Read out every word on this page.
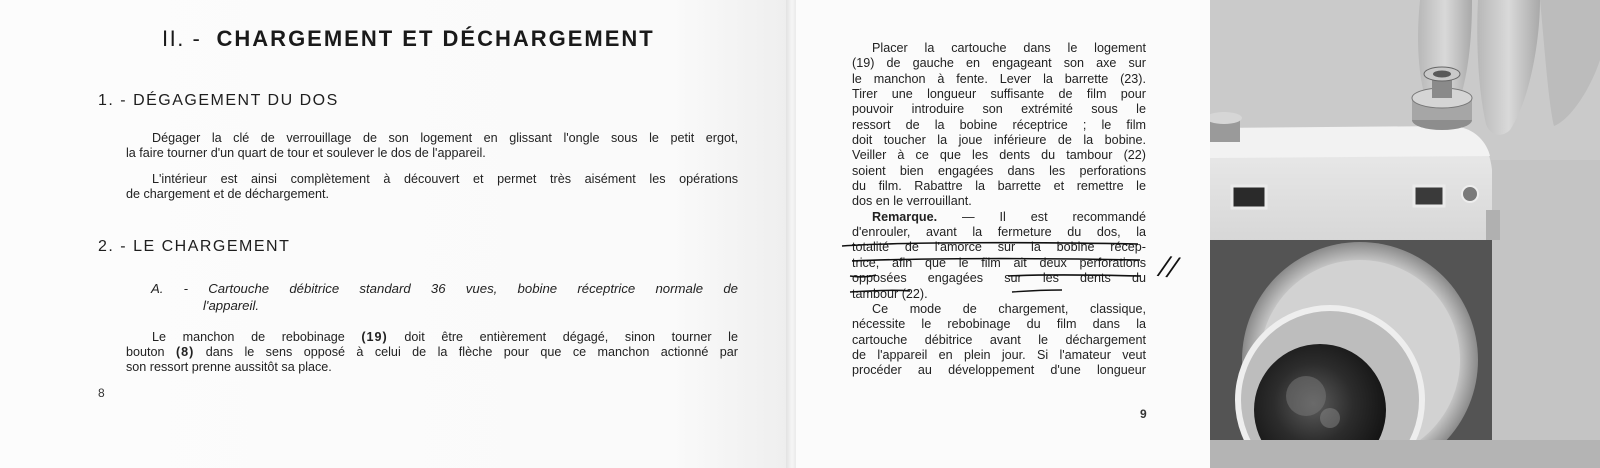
II. - CHARGEMENT ET DÉCHARGEMENT
1. - DÉGAGEMENT DU DOS
Dégager la clé de verrouillage de son logement en glissant l'ongle sous le petit ergot,
la faire tourner d'un quart de tour et soulever le dos de l'appareil.
L'intérieur est ainsi complètement à découvert et permet très aisément les opérations
de chargement et de déchargement.
2. - LE CHARGEMENT
A. - Cartouche débitrice standard 36 vues, bobine réceptrice normale de
l'appareil.
Le manchon de rebobinage (19) doit être entièrement dégagé, sinon tourner le
bouton (8) dans le sens opposé à celui de la flèche pour que ce manchon actionné par
son ressort prenne aussitôt sa place.
8
Placer la cartouche dans le logement
(19) de gauche en engageant son axe sur
le manchon à fente. Lever la barrette (23).
Tirer une longueur suffisante de film pour
pouvoir introduire son extrémité sous le
ressort de la bobine réceptrice ; le film
doit toucher la joue inférieure de la bobine.
Veiller à ce que les dents du tambour (22)
soient bien engagées dans les perforations
du film. Rabattre la barrette et remettre le
dos en le verrouillant.
Remarque. — Il est recommandé
d'enrouler, avant la fermeture du dos, la
totalité de l'amorce sur la bobine récep-
trice, afin que le film ait deux perforations
opposées engagées sur les dents du
tambour (22).
Ce mode de chargement, classique,
nécessite le rebobinage du film dans la
cartouche débitrice avant le déchargement
de l'appareil en plein jour. Si l'amateur veut
procéder au développement d'une longueur
//
9
